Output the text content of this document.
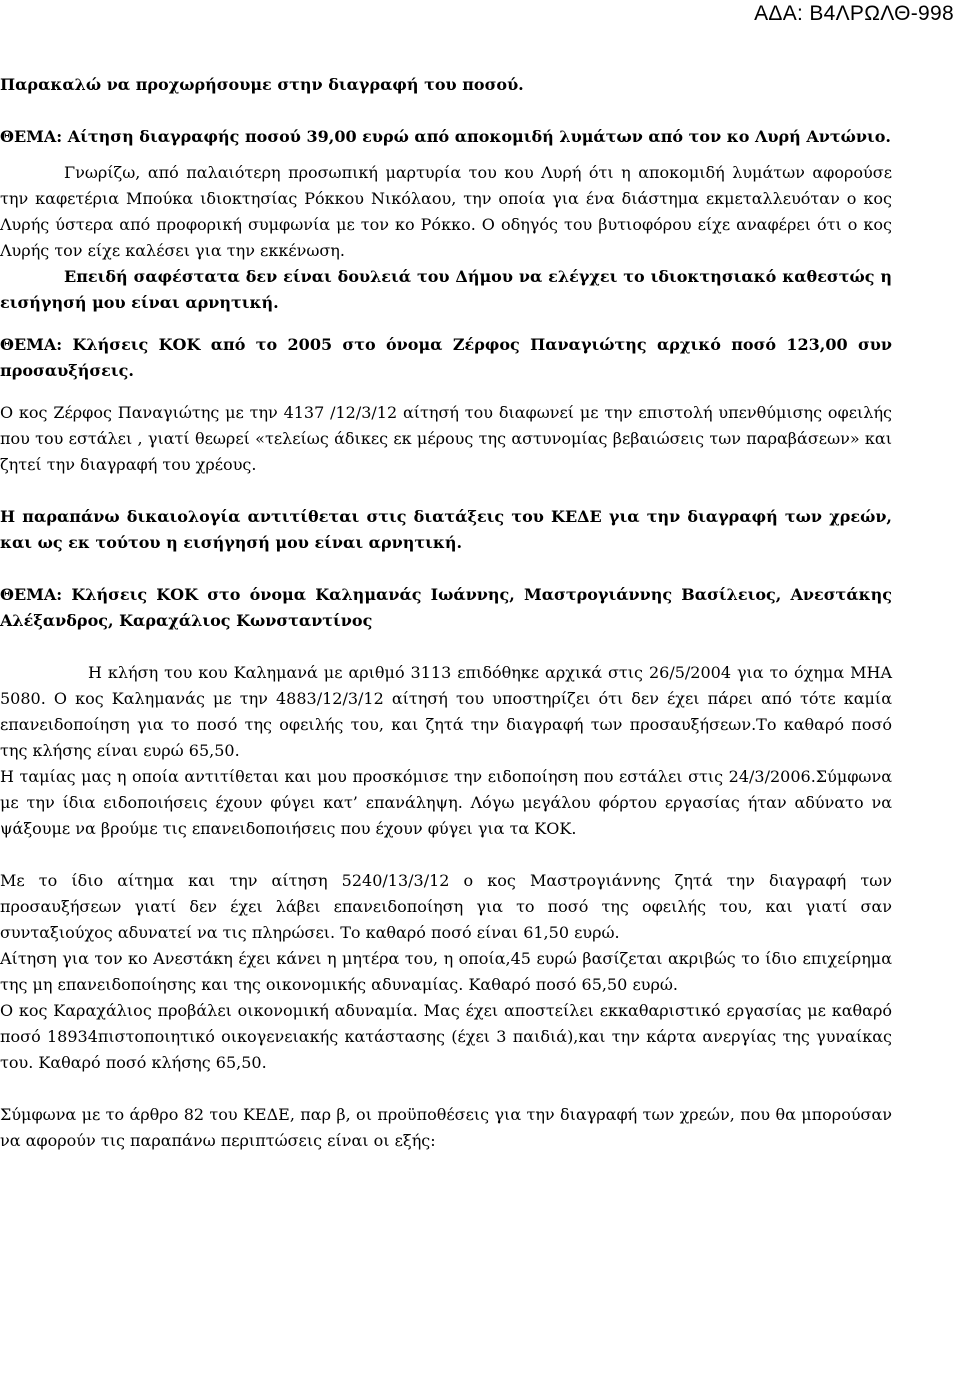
ΑΔΑ: Β4ΛΡΩΛΘ-998

Παρακαλώ να προχωρήσουμε στην διαγραφή του ποσού.

ΘΕΜΑ: Αίτηση διαγραφής ποσού 39,00 ευρώ από αποκομιδή λυμάτων από τον κο Λυρή Αντώνιο.

Γνωρίζω, από παλαιότερη προσωπική μαρτυρία του κου Λυρή ότι η αποκομιδή λυμάτων αφορούσε την καφετέρια Μπούκα ιδιοκτησίας Ρόκκου Νικόλαου, την οποία για ένα διάστημα εκμεταλλευόταν ο κος Λυρής ύστερα από προφορική συμφωνία με τον κο Ρόκκο. Ο οδηγός του βυτιοφόρου είχε αναφέρει ότι ο κος Λυρής τον είχε καλέσει για την εκκένωση.

Επειδή σαφέστατα δεν είναι δουλειά του Δήμου να ελέγχει το ιδιοκτησιακό καθεστώς η εισήγησή μου είναι αρνητική.

ΘΕΜΑ: Κλήσεις ΚΟΚ από το 2005 στο όνομα Ζέρφος Παναγιώτης αρχικό ποσό 123,00 συν προσαυξήσεις.

Ο κος Ζέρφος Παναγιώτης με την 4137 /12/3/12 αίτησή του διαφωνεί με την επιστολή υπενθύμισης οφειλής που του εστάλει , γιατί θεωρεί «τελείως άδικες εκ μέρους της αστυνομίας βεβαιώσεις των παραβάσεων» και ζητεί την διαγραφή του χρέους.

Η παραπάνω δικαιολογία αντιτίθεται στις διατάξεις του ΚΕΔΕ για την διαγραφή των χρεών, και ως εκ τούτου η εισήγησή μου είναι αρνητική.

ΘΕΜΑ: Κλήσεις ΚΟΚ στο όνομα Καλημανάς Ιωάννης, Μαστρογιάννης Βασίλειος, Ανεστάκης Αλέξανδρος, Καραχάλιος Κωνσταντίνος

Η κλήση του κου Καλημανά με αριθμό 3113 επιδόθηκε αρχικά στις 26/5/2004 για το όχημα ΜΗΑ 5080. Ο κος Καλημανάς με την 4883/12/3/12 αίτησή του υποστηρίζει ότι δεν έχει πάρει από τότε καμία επανειδοποίηση για το ποσό της οφειλής του, και ζητά την διαγραφή των προσαυξήσεων.Το καθαρό ποσό της κλήσης είναι ευρώ 65,50.

Η ταμίας μας η οποία αντιτίθεται και μου προσκόμισε την ειδοποίηση που εστάλει στις 24/3/2006.Σύμφωνα με την ίδια ειδοποιήσεις έχουν φύγει κατ’ επανάληψη. Λόγω μεγάλου φόρτου εργασίας ήταν αδύνατο να ψάξουμε να βρούμε τις επανειδοποιήσεις που έχουν φύγει για τα ΚΟΚ.

Με το ίδιο αίτημα και την αίτηση 5240/13/3/12 ο κος Μαστρογιάννης ζητά την διαγραφή των προσαυξήσεων γιατί δεν έχει λάβει επανειδοποίηση για το ποσό της οφειλής του, και γιατί σαν συνταξιούχος αδυνατεί να τις πληρώσει. Το καθαρό ποσό είναι 61,50 ευρώ.

Αίτηση για τον κο Ανεστάκη έχει κάνει η μητέρα του, η οποία,45 ευρώ βασίζεται ακριβώς το ίδιο επιχείρημα της μη επανειδοποίησης και της οικονομικής αδυναμίας. Καθαρό ποσό 65,50 ευρώ.

Ο κος Καραχάλιος προβάλει οικονομική αδυναμία. Μας έχει αποστείλει εκκαθαριστικό εργασίας με καθαρό ποσό 18934πιστοποιητικό οικογενειακής κατάστασης (έχει 3 παιδιά),και την κάρτα ανεργίας της γυναίκας του. Καθαρό ποσό κλήσης 65,50.

Σύμφωνα με το άρθρο 82 του ΚΕΔΕ, παρ β, οι προϋποθέσεις για την διαγραφή των χρεών, που θα μπορούσαν να αφορούν τις παραπάνω περιπτώσεις είναι οι εξής:
